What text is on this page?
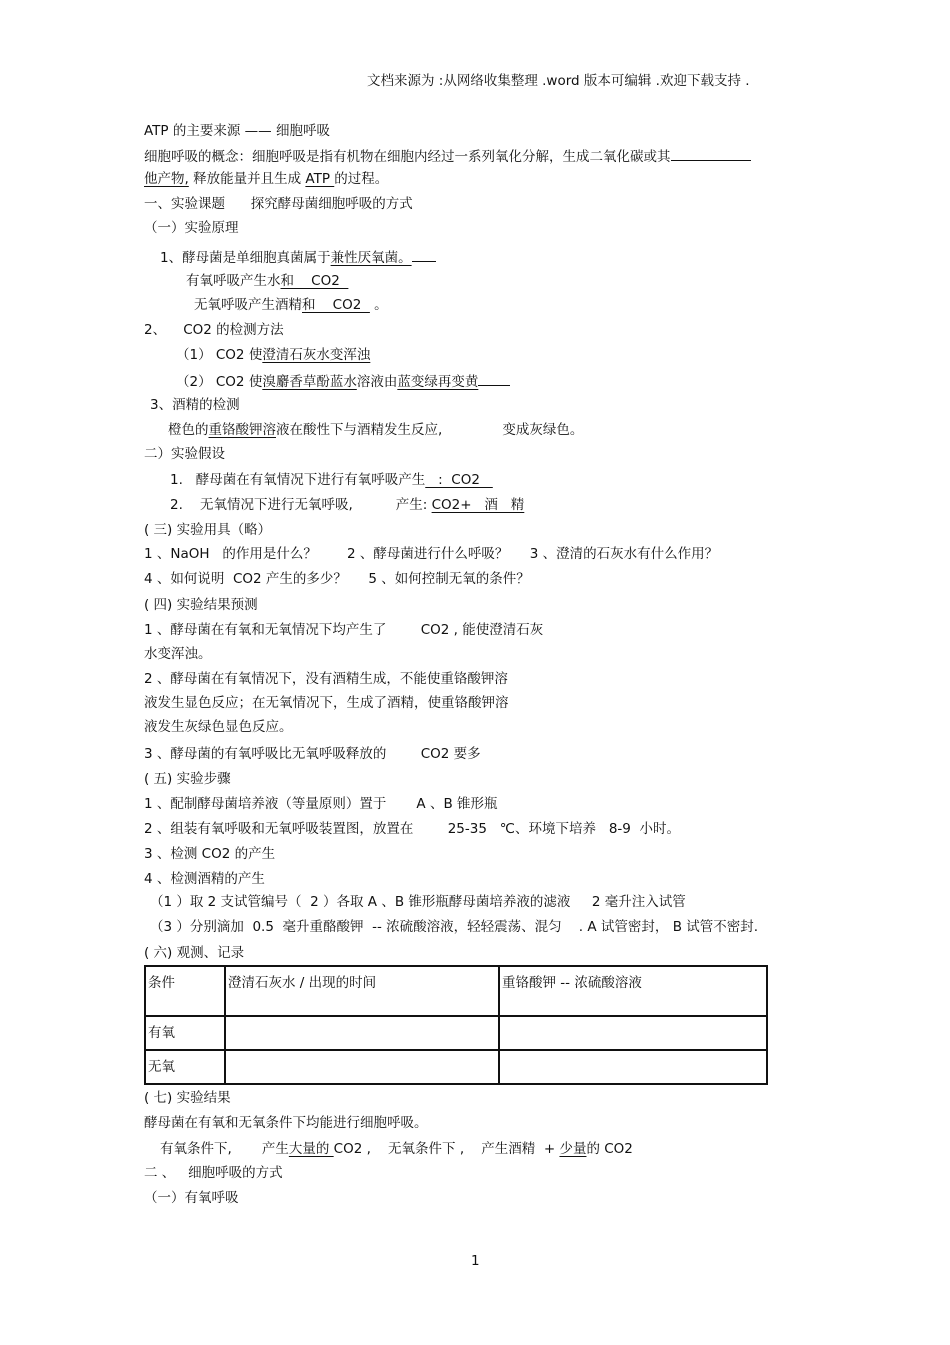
文档来源为 :从网络收集整理 .word 版本可编辑 .欢迎下载支持 .
ATP 的主要来源 —— 细胞呼吸
细胞呼吸的概念：细胞呼吸是指有机物在细胞内经过一系列氧化分解，生成二氧化碳或其
他产物, 释放能量并且生成 ATP 的过程。
一、实验课题      探究酵母菌细胞呼吸的方式
（一）实验原理
1、酵母菌是单细胞真菌属于兼性厌氧菌。
有氧呼吸产生水和    CO2
无氧呼吸产生酒精和    CO2   。
2、    CO2 的检测方法
（1） CO2 使澄清石灰水变浑浊
（2） CO2 使溴麝香草酚蓝水溶液由蓝变绿再变黄
3、酒精的检测
橙色的重铬酸钾溶液在酸性下与酒精发生反应,              变成灰绿色。
二）实验假设
1.   酵母菌在有氧情况下进行有氧呼吸产生   :  CO2
2.    无氧情况下进行无氧呼吸,          产生: CO2+   酒   精
( 三) 实验用具（略）
1 、NaOH   的作用是什么？       2 、酵母菌进行什么呼吸？     3 、澄清的石灰水有什么作用？
4 、如何说明  CO2 产生的多少？     5 、如何控制无氧的条件？
( 四) 实验结果预测
1 、酵母菌在有氧和无氧情况下均产生了        CO2 , 能使澄清石灰
水变浑浊。
2 、酵母菌在有氧情况下，没有酒精生成，不能使重铬酸钾溶
液发生显色反应；在无氧情况下，生成了酒精，使重铬酸钾溶
液发生灰绿色显色反应。
3 、酵母菌的有氧呼吸比无氧呼吸释放的        CO2 要多
( 五) 实验步骤
1 、配制酵母菌培养液（等量原则）置于       A 、B 锥形瓶
2 、组装有氧呼吸和无氧呼吸装置图，放置在        25-35   ℃、环境下培养   8-9  小时。
3 、检测 CO2 的产生
4 、检测酒精的产生
（1 ）取 2 支试管编号（  2 ）各取 A 、B 锥形瓶酵母菌培养液的滤液     2 毫升注入试管
（3 ）分别滴加  0.5  毫升重酪酸钾  -- 浓硫酸溶液，轻轻震荡、混匀    . A 试管密封， B 试管不密封.
( 六) 观测、记录
条件	澄清石灰水 / 出现的时间	重铬酸钾 -- 浓硫酸溶液
有氧		
无氧		
( 七) 实验结果
酵母菌在有氧和无氧条件下均能进行细胞呼吸。
有氧条件下,       产生大量的 CO2 ,    无氧条件下 ,    产生酒精  + 少量的 CO2
二 、   细胞呼吸的方式
（一）有氧呼吸
1
